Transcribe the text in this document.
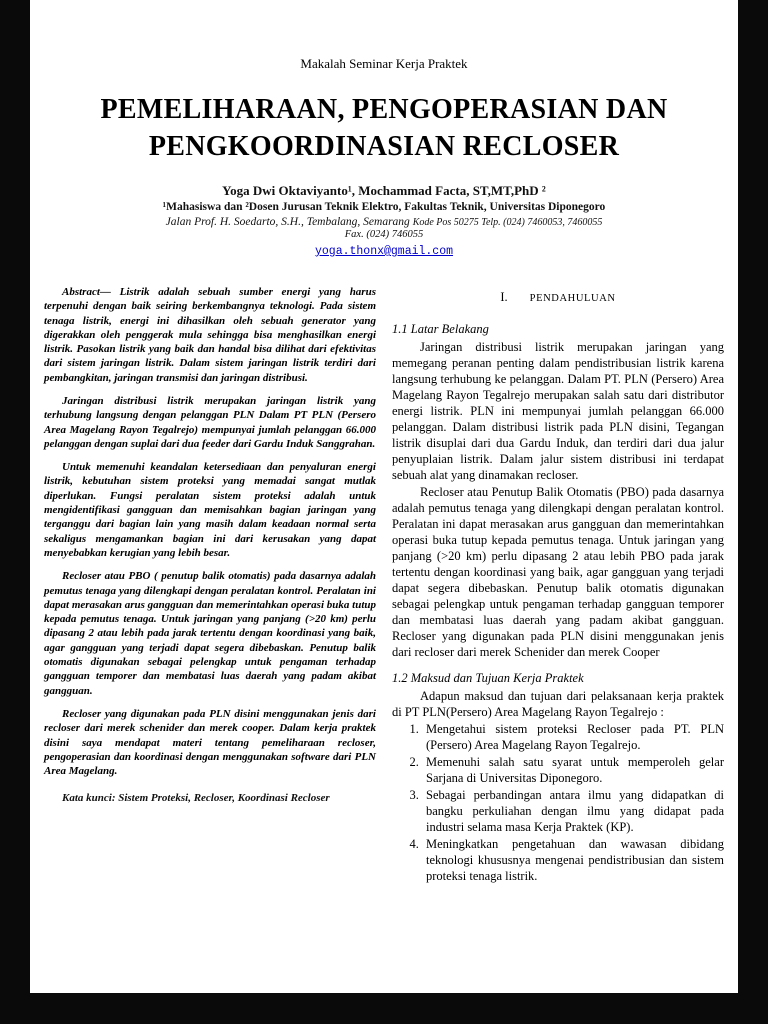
Makalah Seminar Kerja Praktek
PEMELIHARAAN, PENGOPERASIAN DAN
PENGKOORDINASIAN RECLOSER
Yoga Dwi Oktaviyanto¹, Mochammad Facta, ST,MT,PhD ²
¹Mahasiswa dan ²Dosen Jurusan Teknik Elektro, Fakultas Teknik, Universitas Diponegoro
Jalan Prof. H. Soedarto, S.H., Tembalang, Semarang Kode Pos 50275 Telp. (024) 7460053, 7460055
Fax. (024) 746055
yoga.thonx@gmail.com

Abstract— Listrik adalah sebuah sumber energi yang harus terpenuhi dengan baik seiring berkembangnya teknologi. Pada sistem tenaga listrik, energi ini dihasilkan oleh sebuah generator yang digerakkan oleh penggerak mula sehingga bisa menghasilkan energi listrik. Pasokan listrik yang baik dan handal bisa dilihat dari efektivitas dari sistem jaringan listrik. Dalam sistem jaringan listrik terdiri dari pembangkitan, jaringan transmisi dan jaringan distribusi.

Jaringan distribusi listrik merupakan jaringan listrik yang terhubung langsung dengan pelanggan PLN Dalam PT PLN (Persero Area Magelang Rayon Tegalrejo) mempunyai jumlah pelanggan 66.000 pelanggan dengan suplai dari dua feeder dari Gardu Induk Sanggrahan.

Untuk memenuhi keandalan ketersediaan dan penyaluran energi listrik, kebutuhan sistem proteksi yang memadai sangat mutlak diperlukan. Fungsi peralatan sistem proteksi adalah untuk mengidentifikasi gangguan dan memisahkan bagian jaringan yang terganggu dari bagian lain yang masih dalam keadaan normal serta sekaligus mengamankan bagian ini dari kerusakan yang dapat menyebabkan kerugian yang lebih besar.

Recloser atau PBO ( penutup balik otomatis) pada dasarnya adalah pemutus tenaga yang dilengkapi dengan peralatan kontrol. Peralatan ini dapat merasakan arus gangguan dan memerintahkan operasi buka tutup kepada pemutus tenaga. Untuk jaringan yang panjang (>20 km) perlu dipasang 2 atau lebih pada jarak tertentu dengan koordinasi yang baik, agar gangguan yang terjadi dapat segera dibebaskan. Penutup balik otomatis digunakan sebagai pelengkap untuk pengaman terhadap gangguan temporer dan membatasi luas daerah yang padam akibat gangguan.

Recloser yang digunakan pada PLN disini menggunakan jenis dari recloser dari merek schenider dan merek cooper. Dalam kerja praktek disini saya mendapat materi tentang pemeliharaan recloser, pengoperasian dan koordinasi dengan menggunakan software dari PLN Area Magelang.

Kata kunci: Sistem Proteksi, Recloser, Koordinasi Recloser
I. PENDAHULUAN
1.1 Latar Belakang

Jaringan distribusi listrik merupakan jaringan yang memegang peranan penting dalam pendistribusian listrik karena langsung terhubung ke pelanggan. Dalam PT. PLN (Persero) Area Magelang Rayon Tegalrejo merupakan salah satu dari distributor energi listrik. PLN ini mempunyai jumlah pelanggan 66.000 pelanggan. Dalam distribusi listrik pada PLN disini, Tegangan listrik disuplai dari dua Gardu Induk, dan terdiri dari dua jalur penyuplaian listrik. Dalam jalur sistem distribusi ini terdapat sebuah alat yang dinamakan recloser.

Recloser atau Penutup Balik Otomatis (PBO) pada dasarnya adalah pemutus tenaga yang dilengkapi dengan peralatan kontrol. Peralatan ini dapat merasakan arus gangguan dan memerintahkan operasi buka tutup kepada pemutus tenaga. Untuk jaringan yang panjang (>20 km) perlu dipasang 2 atau lebih PBO pada jarak tertentu dengan koordinasi yang baik, agar gangguan yang terjadi dapat segera dibebaskan. Penutup balik otomatis digunakan sebagai pelengkap untuk pengaman terhadap gangguan temporer dan membatasi luas daerah yang padam akibat gangguan. Recloser yang digunakan pada PLN disini menggunakan jenis dari recloser dari merek Schenider dan merek Cooper

1.2 Maksud dan Tujuan Kerja Praktek

Adapun maksud dan tujuan dari pelaksanaan kerja praktek di PT PLN(Persero) Area Magelang Rayon Tegalrejo :

1. Mengetahui sistem proteksi Recloser pada PT. PLN (Persero) Area Magelang Rayon Tegalrejo.
2. Memenuhi salah satu syarat untuk memperoleh gelar Sarjana di Universitas Diponegoro.
3. Sebagai perbandingan antara ilmu yang didapatkan di bangku perkuliahan dengan ilmu yang didapat pada industri selama masa Kerja Praktek (KP).
4. Meningkatkan pengetahuan dan wawasan dibidang teknologi khususnya mengenai pendistribusian dan sistem proteksi tenaga listrik.
